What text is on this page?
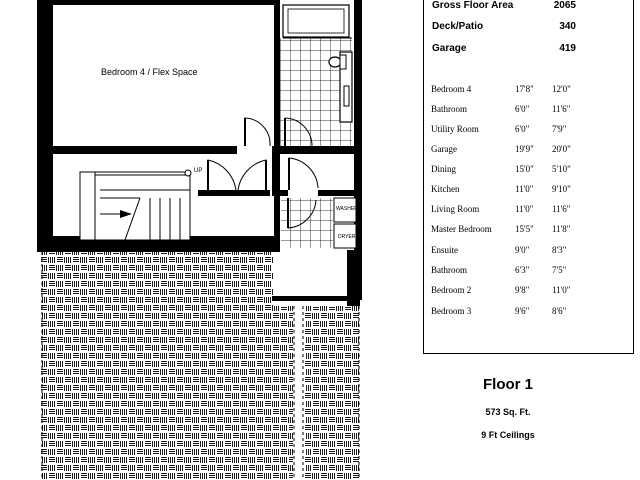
Bedroom 4 / Flex Space
UP
WASHER
DRYER
Gross Floor Area	2065
Deck/Patio	340
Garage	419
Bedroom 4	17'8" 12'0"
Bathroom	6'0"	11'6"
Utility Room	6'0"	7'9"
Garage	19'9" 20'0"
Dining	15'0" 5'10"
Kitchen	11'0" 9'10"
Living Room	11'0" 11'6"
Master Bedroom	15'5" 11'8"
Ensuite	9'0"	8'3"
Bathroom	6'3"	7'5"
Bedroom 2	9'8"	11'0"
Bedroom 3	9'6"	8'6"
Floor 1
573 Sq. Ft.
9 Ft Ceilings
